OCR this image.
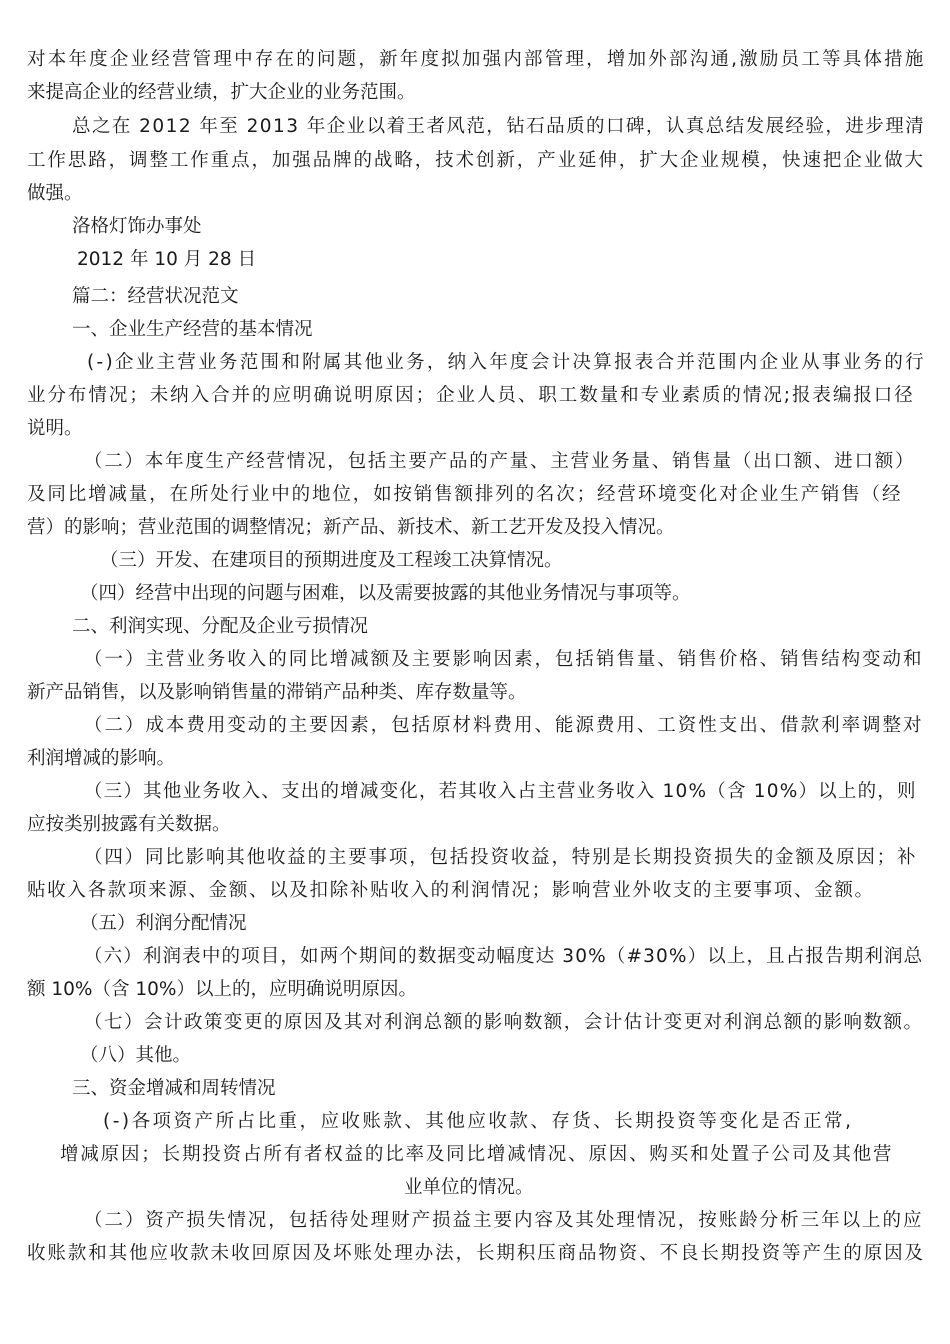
对本年度企业经营管理中存在的问题，新年度拟加强内部管理，增加外部沟通,激励员工等具体措施
来提高企业的经营业绩，扩大企业的业务范围。
总之在 2012 年至 2013 年企业以着王者风范，钻石品质的口碑，认真总结发展经验，进步理清
工作思路，调整工作重点，加强品牌的战略，技术创新，产业延伸，扩大企业规模，快速把企业做大
做强。
洛格灯饰办事处
2012 年 10 月 28 日
篇二：经营状况范文
一、企业生产经营的基本情况
(-)企业主营业务范围和附属其他业务，纳入年度会计决算报表合并范围内企业从事业务的行
业分布情况；未纳入合并的应明确说明原因；企业人员、职工数量和专业素质的情况;报表编报口径
说明。
（二）本年度生产经营情况，包括主要产品的产量、主营业务量、销售量（出口额、进口额）
及同比增减量，在所处行业中的地位，如按销售额排列的名次；经营环境变化对企业生产销售（经
营）的影响；营业范围的调整情况；新产品、新技术、新工艺开发及投入情况。
（三）开发、在建项目的预期进度及工程竣工决算情况。
（四）经营中出现的问题与困难，以及需要披露的其他业务情况与事项等。
二、利润实现、分配及企业亏损情况
（一）主营业务收入的同比增减额及主要影响因素，包括销售量、销售价格、销售结构变动和
新产品销售，以及影响销售量的滞销产品种类、库存数量等。
（二）成本费用变动的主要因素，包括原材料费用、能源费用、工资性支出、借款利率调整对
利润增减的影响。
（三）其他业务收入、支出的增减变化，若其收入占主营业务收入 10%（含 10%）以上的，则
应按类别披露有关数据。
（四）同比影响其他收益的主要事项，包括投资收益，特别是长期投资损失的金额及原因；补
贴收入各款项来源、金额、以及扣除补贴收入的利润情况；影响营业外收支的主要事项、金额。
（五）利润分配情况
（六）利润表中的项目，如两个期间的数据变动幅度达 30%（#30%）以上，且占报告期利润总
额 10%（含 10%）以上的，应明确说明原因。
（七）会计政策变更的原因及其对利润总额的影响数额，会计估计变更对利润总额的影响数额。
（八）其他。
三、资金增减和周转情况
(-)各项资产所占比重，应收账款、其他应收款、存货、长期投资等变化是否正常,
增减原因；长期投资占所有者权益的比率及同比增减情况、原因、购买和处置子公司及其他营
业单位的情况。
（二）资产损失情况，包括待处理财产损益主要内容及其处理情况，按账龄分析三年以上的应
收账款和其他应收款未收回原因及坏账处理办法，长期积压商品物资、不良长期投资等产生的原因及
